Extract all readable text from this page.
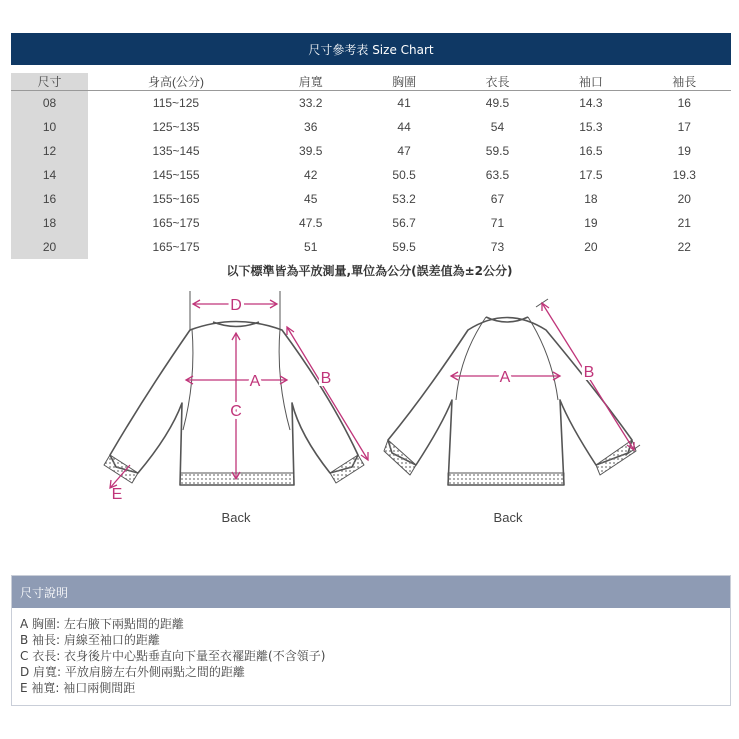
尺寸參考表 Size Chart
尺寸	身高(公分)	肩寬	胸圍	衣長	袖口	袖長
08	115~125	33.2	41	49.5	14.3	16
10	125~135	36	44	54	15.3	17
12	135~145	39.5	47	59.5	16.5	19
14	145~155	42	50.5	63.5	17.5	19.3
16	155~165	45	53.2	67	18	20
18	165~175	47.5	56.7	71	19	21
20	165~175	51	59.5	73	20	22
以下標準皆為平放測量,單位為公分(誤差值為±2公分)
D
A
C
B
E
Back
A	B
Back
尺寸說明
A 胸圍: 左右腋下兩點間的距離
B 袖長: 肩線至袖口的距離
C 衣長: 衣身後片中心點垂直向下量至衣襬距離(不含領子)
D 肩寬: 平放肩膀左右外側兩點之間的距離
E 袖寬: 袖口兩側間距
